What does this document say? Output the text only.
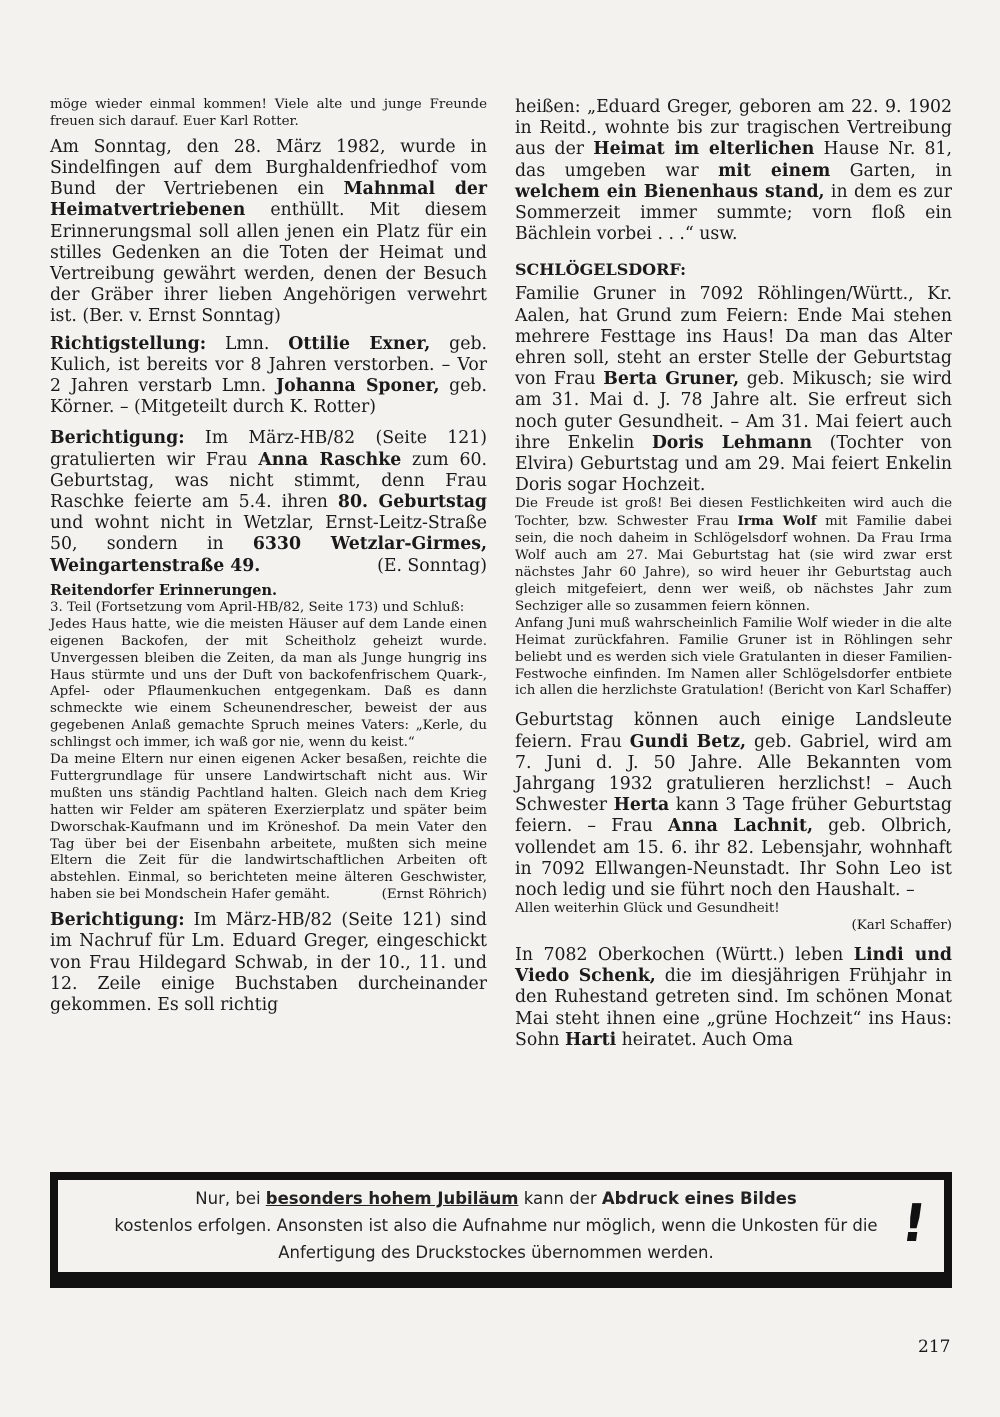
möge wieder einmal kommen! Viele alte und junge Freunde freuen sich darauf. Euer Karl Rotter.

Am Sonntag, den 28. März 1982, wurde in Sindelfingen auf dem Burghaldenfriedhof vom Bund der Vertriebenen ein Mahnmal der Heimatvertriebenen enthüllt. Mit diesem Erinnerungsmal soll allen jenen ein Platz für ein stilles Gedenken an die Toten der Heimat und Vertreibung gewährt werden, denen der Besuch der Gräber ihrer lieben Angehörigen verwehrt ist. (Ber. v. Ernst Sonntag)

Richtigstellung: Lmn. Ottilie Exner, geb. Kulich, ist bereits vor 8 Jahren verstorben. – Vor 2 Jahren verstarb Lmn. Johanna Sponer, geb. Körner. – (Mitgeteilt durch K. Rotter)

Berichtigung: Im März-HB/82 (Seite 121) gratulierten wir Frau Anna Raschke zum 60. Geburtstag, was nicht stimmt, denn Frau Raschke feierte am 5.4. ihren 80. Geburtstag und wohnt nicht in Wetzlar, Ernst-Leitz-Straße 50, sondern in 6330 Wetzlar-Girmes, Weingartenstraße 49.	(E. Sonntag)

Reitendorfer Erinnerungen.

3. Teil (Fortsetzung vom April-HB/82, Seite 173) und Schluß:

Jedes Haus hatte, wie die meisten Häuser auf dem Lande einen eigenen Backofen, der mit Scheitholz geheizt wurde. Unvergessen bleiben die Zeiten, da man als Junge hungrig ins Haus stürmte und uns der Duft von backofenfrischem Quark-, Apfel- oder Pflaumenkuchen entgegenkam. Daß es dann schmeckte wie einem Scheunendrescher, beweist der aus gegebenen Anlaß gemachte Spruch meines Vaters: „Kerle, du schlingst och immer, ich waß gor nie, wenn du keist.“

Da meine Eltern nur einen eigenen Acker besaßen, reichte die Futtergrundlage für unsere Landwirtschaft nicht aus. Wir mußten uns ständig Pachtland halten. Gleich nach dem Krieg hatten wir Felder am späteren Exerzierplatz und später beim Dworschak-Kaufmann und im Kröneshof. Da mein Vater den Tag über bei der Eisenbahn arbeitete, mußten sich meine Eltern die Zeit für die landwirtschaftlichen Arbeiten oft abstehlen. Einmal, so berichteten meine älteren Geschwister, haben sie bei Mondschein Hafer gemäht.	(Ernst Röhrich)

Berichtigung: Im März-HB/82 (Seite 121) sind im Nachruf für Lm. Eduard Greger, eingeschickt von Frau Hildegard Schwab, in der 10., 11. und 12. Zeile einige Buchstaben durcheinander gekommen. Es soll richtig

heißen: „Eduard Greger, geboren am 22. 9. 1902 in Reitd., wohnte bis zur tragischen Vertreibung aus der Heimat im elterlichen Hause Nr. 81, das umgeben war mit einem Garten, in welchem ein Bienenhaus stand, in dem es zur Sommerzeit immer summte; vorn floß ein Bächlein vorbei . . .“ usw.

SCHLÖGELSDORF:

Familie Gruner in 7092 Röhlingen/Württ., Kr. Aalen, hat Grund zum Feiern: Ende Mai stehen mehrere Festtage ins Haus! Da man das Alter ehren soll, steht an erster Stelle der Geburtstag von Frau Berta Gruner, geb. Mikusch; sie wird am 31. Mai d. J. 78 Jahre alt. Sie erfreut sich noch guter Gesundheit. – Am 31. Mai feiert auch ihre Enkelin Doris Lehmann (Tochter von Elvira) Geburtstag und am 29. Mai feiert Enkelin Doris sogar Hochzeit.

Die Freude ist groß! Bei diesen Festlichkeiten wird auch die Tochter, bzw. Schwester Frau Irma Wolf mit Familie dabei sein, die noch daheim in Schlögelsdorf wohnen. Da Frau Irma Wolf auch am 27. Mai Geburtstag hat (sie wird zwar erst nächstes Jahr 60 Jahre), so wird heuer ihr Geburtstag auch gleich mitgefeiert, denn wer weiß, ob nächstes Jahr zum Sechziger alle so zusammen feiern können.

Anfang Juni muß wahrscheinlich Familie Wolf wieder in die alte Heimat zurückfahren. Familie Gruner ist in Röhlingen sehr beliebt und es werden sich viele Gratulanten in dieser Familien-Festwoche einfinden. Im Namen aller Schlögelsdorfer entbiete ich allen die herzlichste Gratulation! (Bericht von Karl Schaffer)

Geburtstag können auch einige Landsleute feiern. Frau Gundi Betz, geb. Gabriel, wird am 7. Juni d. J. 50 Jahre. Alle Bekannten vom Jahrgang 1932 gratulieren herzlichst! – Auch Schwester Herta kann 3 Tage früher Geburtstag feiern. – Frau Anna Lachnit, geb. Olbrich, vollendet am 15. 6. ihr 82. Lebensjahr, wohnhaft in 7092 Ellwangen-Neunstadt. Ihr Sohn Leo ist noch ledig und sie führt noch den Haushalt. –

Allen weiterhin Glück und Gesundheit!

(Karl Schaffer)

In 7082 Oberkochen (Württ.) leben Lindi und Viedo Schenk, die im diesjährigen Frühjahr in den Ruhestand getreten sind. Im schönen Monat Mai steht ihnen eine „grüne Hochzeit“ ins Haus: Sohn Harti heiratet. Auch Oma

Nur, bei besonders hohem Jubiläum kann der Abdruck eines Bildes
kostenlos erfolgen. Ansonsten ist also die Aufnahme nur möglich, wenn die Unkosten für die Anfertigung des Druckstockes übernommen werden.	!
217
